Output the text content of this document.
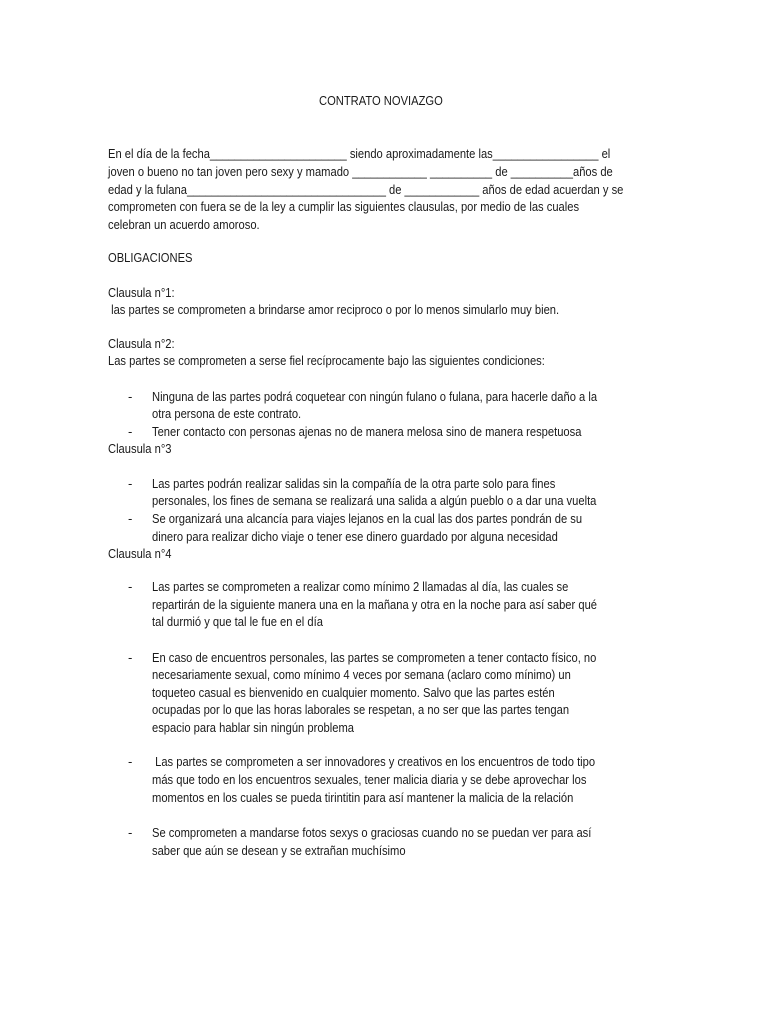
CONTRATO NOVIAZGO
En el día de la fecha______________________ siendo aproximadamente las_________________ el
joven o bueno no tan joven pero sexy y mamado ____________ __________ de __________años de
edad y la fulana________________________________ de ____________ años de edad acuerdan y se
comprometen con fuera se de la ley a cumplir las siguientes clausulas, por medio de las cuales
celebran un acuerdo amoroso.
OBLIGACIONES
Clausula n°1:
las partes se comprometen a brindarse amor reciproco o por lo menos simularlo muy bien.
Clausula n°2:
Las partes se comprometen a serse fiel recíprocamente bajo las siguientes condiciones:
- Ninguna de las partes podrá coquetear con ningún fulano o fulana, para hacerle daño a la
otra persona de este contrato.
- Tener contacto con personas ajenas no de manera melosa sino de manera respetuosa
Clausula n°3
- Las partes podrán realizar salidas sin la compañía de la otra parte solo para fines
personales, los fines de semana se realizará una salida a algún pueblo o a dar una vuelta
- Se organizará una alcancía para viajes lejanos en la cual las dos partes pondrán de su
dinero para realizar dicho viaje o tener ese dinero guardado por alguna necesidad
Clausula n°4
- Las partes se comprometen a realizar como mínimo 2 llamadas al día, las cuales se
repartirán de la siguiente manera una en la mañana y otra en la noche para así saber qué
tal durmió y que tal le fue en el día
- En caso de encuentros personales, las partes se comprometen a tener contacto físico, no
necesariamente sexual, como mínimo 4 veces por semana (aclaro como mínimo) un
toqueteo casual es bienvenido en cualquier momento. Salvo que las partes estén
ocupadas por lo que las horas laborales se respetan, a no ser que las partes tengan
espacio para hablar sin ningún problema
- Las partes se comprometen a ser innovadores y creativos en los encuentros de todo tipo
más que todo en los encuentros sexuales, tener malicia diaria y se debe aprovechar los
momentos en los cuales se pueda tirintitin para así mantener la malicia de la relación
- Se comprometen a mandarse fotos sexys o graciosas cuando no se puedan ver para así
saber que aún se desean y se extrañan muchísimo
